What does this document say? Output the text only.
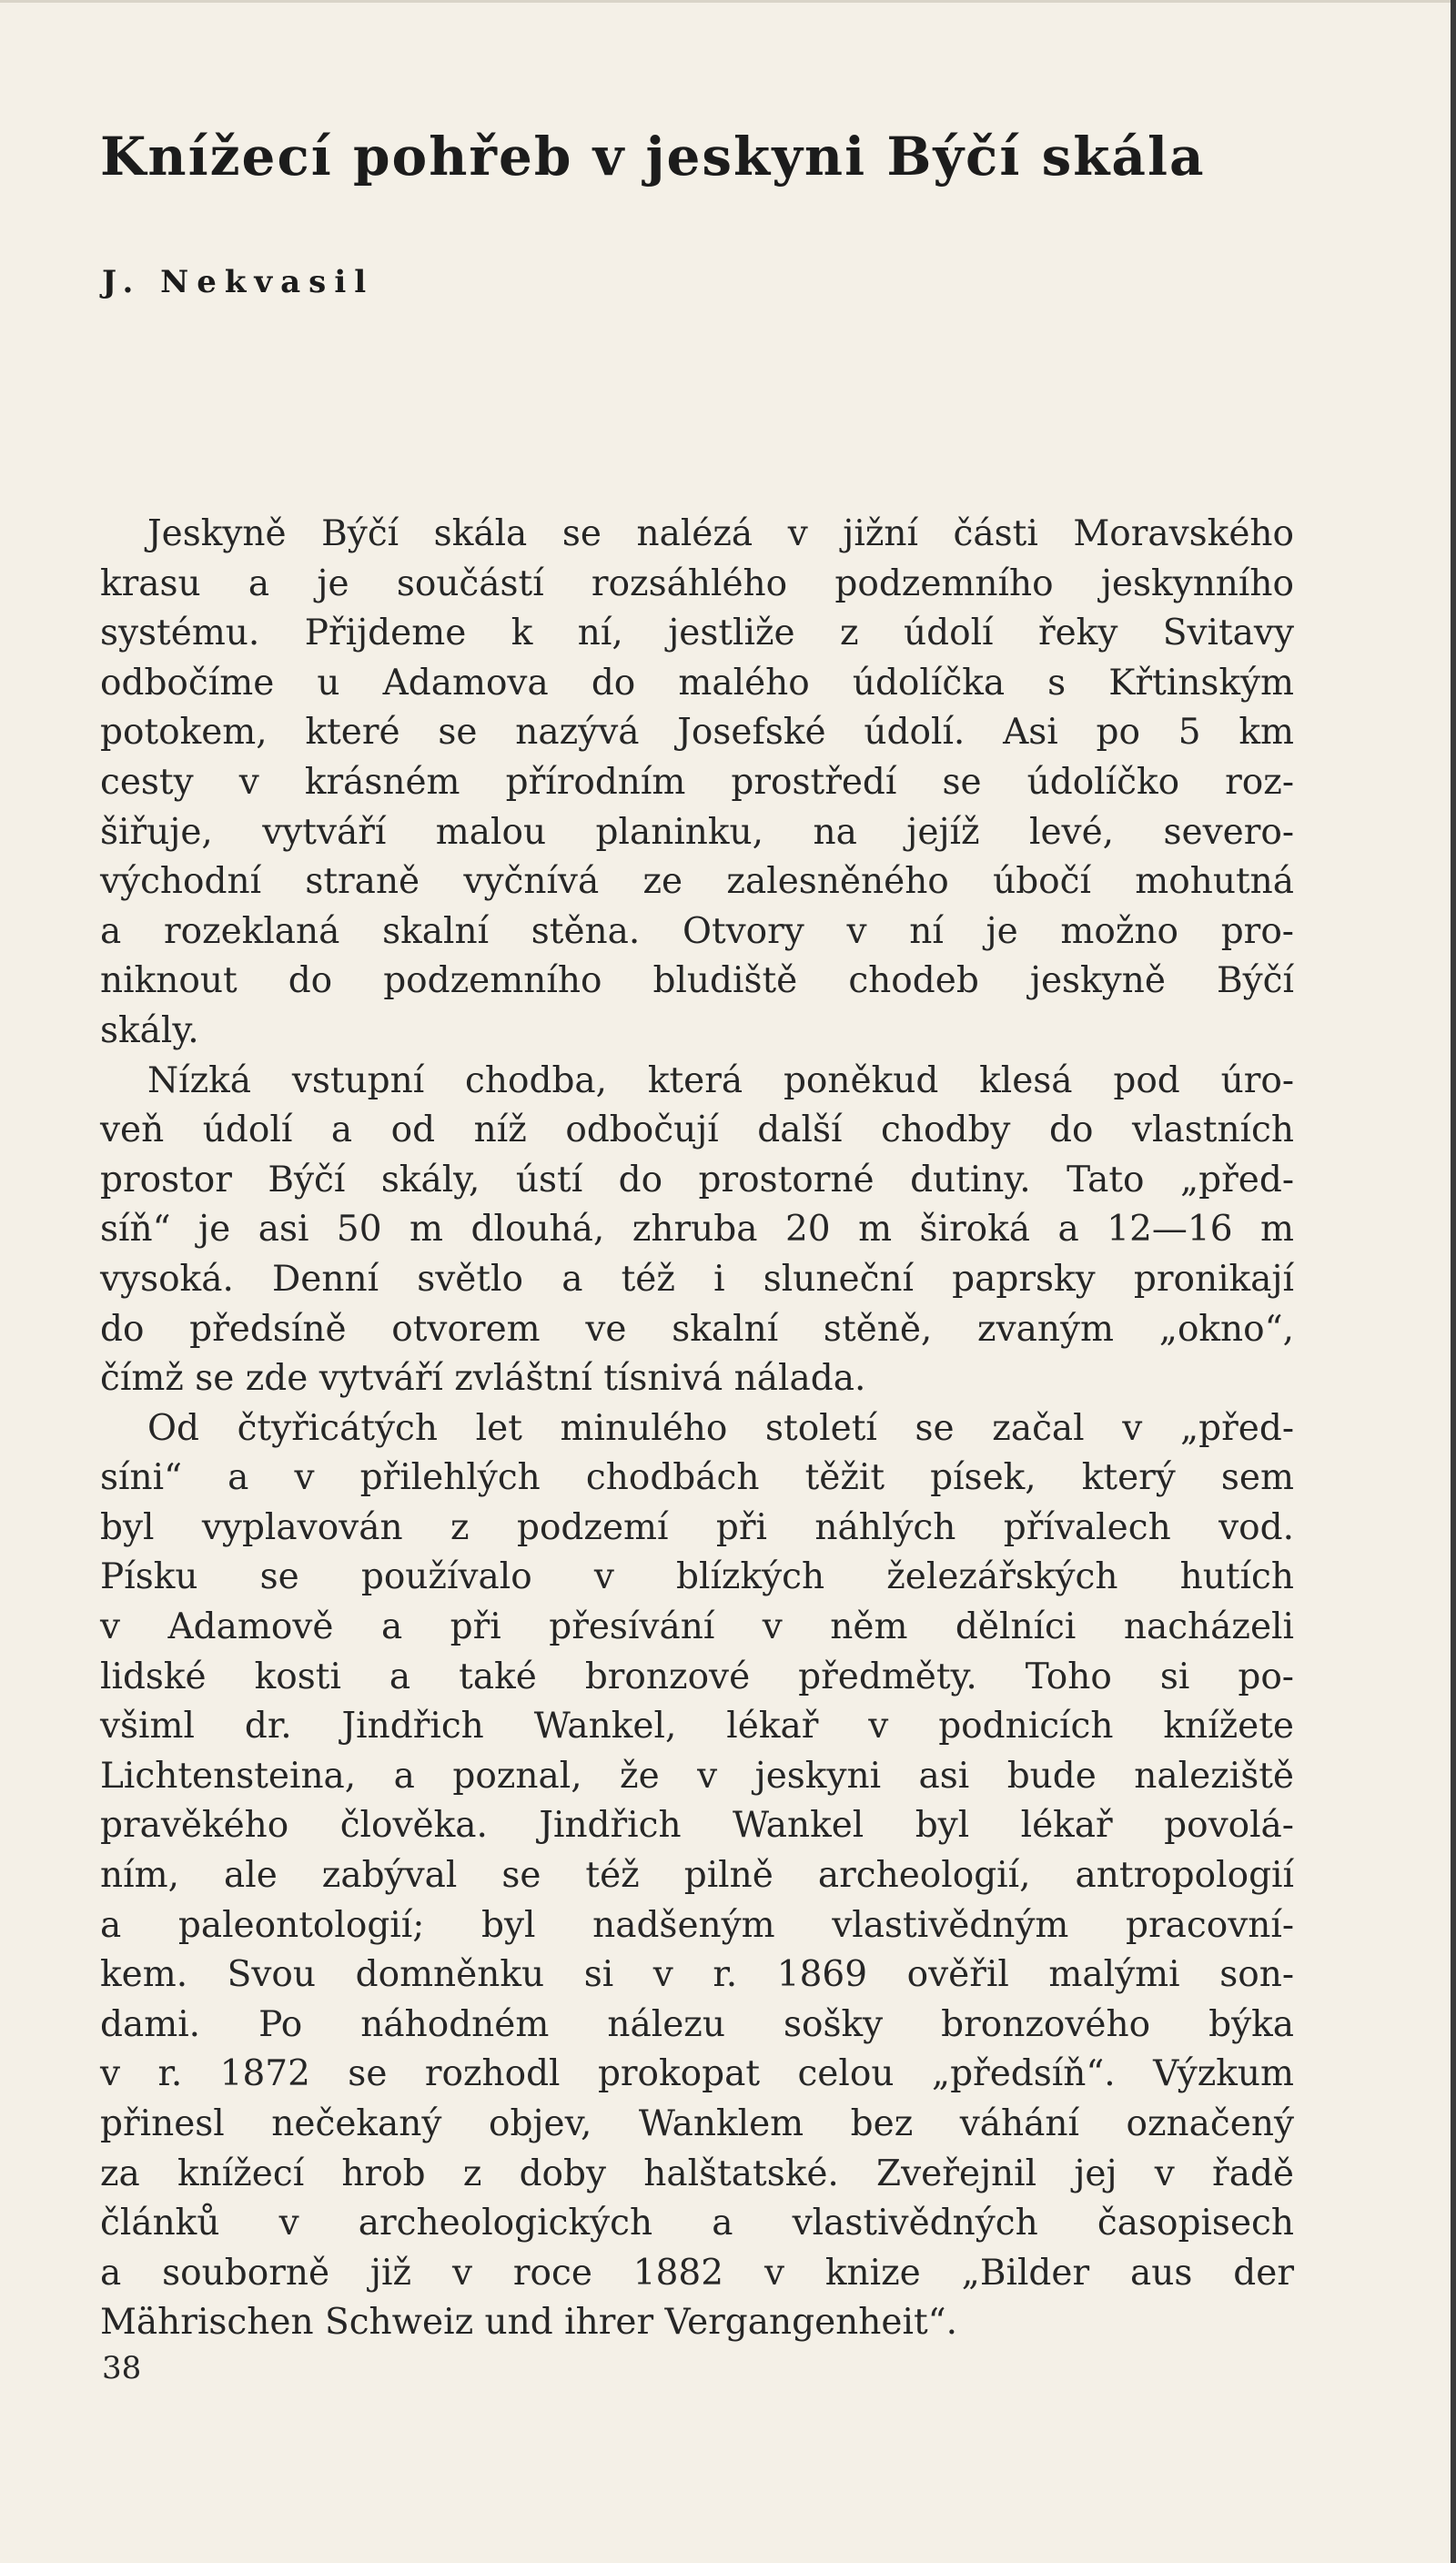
Knížecí pohřeb v jeskyni Býčí skála

J. Nekvasil

Jeskyně Býčí skála se nalézá v jižní části Moravského
krasu a je součástí rozsáhlého podzemního jeskynního
systému. Přijdeme k ní, jestliže z údolí řeky Svitavy
odbočíme u Adamova do malého údolíčka s Křtinským
potokem, které se nazývá Josefské údolí. Asi po 5 km
cesty v krásném přírodním prostředí se údolíčko roz-
šiřuje, vytváří malou planinku, na jejíž levé, severo-
východní straně vyčnívá ze zalesněného úbočí mohutná
a rozeklaná skalní stěna. Otvory v ní je možno pro-
niknout do podzemního bludiště chodeb jeskyně Býčí
skály.
Nízká vstupní chodba, která poněkud klesá pod úro-
veň údolí a od níž odbočují další chodby do vlastních
prostor Býčí skály, ústí do prostorné dutiny. Tato „před-
síň“ je asi 50 m dlouhá, zhruba 20 m široká a 12—16 m
vysoká. Denní světlo a též i sluneční paprsky pronikají
do předsíně otvorem ve skalní stěně, zvaným „okno“,
čímž se zde vytváří zvláštní tísnivá nálada.
Od čtyřicátých let minulého století se začal v „před-
síni“ a v přilehlých chodbách těžit písek, který sem
byl vyplavován z podzemí při náhlých přívalech vod.
Písku se používalo v blízkých železářských hutích
v Adamově a při přesívání v něm dělníci nacházeli
lidské kosti a také bronzové předměty. Toho si po-
všiml dr. Jindřich Wankel, lékař v podnicích knížete
Lichtensteina, a poznal, že v jeskyni asi bude naleziště
pravěkého člověka. Jindřich Wankel byl lékař povolá-
ním, ale zabýval se též pilně archeologií, antropologií
a paleontologií; byl nadšeným vlastivědným pracovní-
kem. Svou domněnku si v r. 1869 ověřil malými son-
dami. Po náhodném nálezu sošky bronzového býka
v r. 1872 se rozhodl prokopat celou „předsíň“. Výzkum
přinesl nečekaný objev, Wanklem bez váhání označený
za knížecí hrob z doby halštatské. Zveřejnil jej v řadě
článků v archeologických a vlastivědných časopisech
a souborně již v roce 1882 v knize „Bilder aus der
Mährischen Schweiz und ihrer Vergangenheit“.

38
